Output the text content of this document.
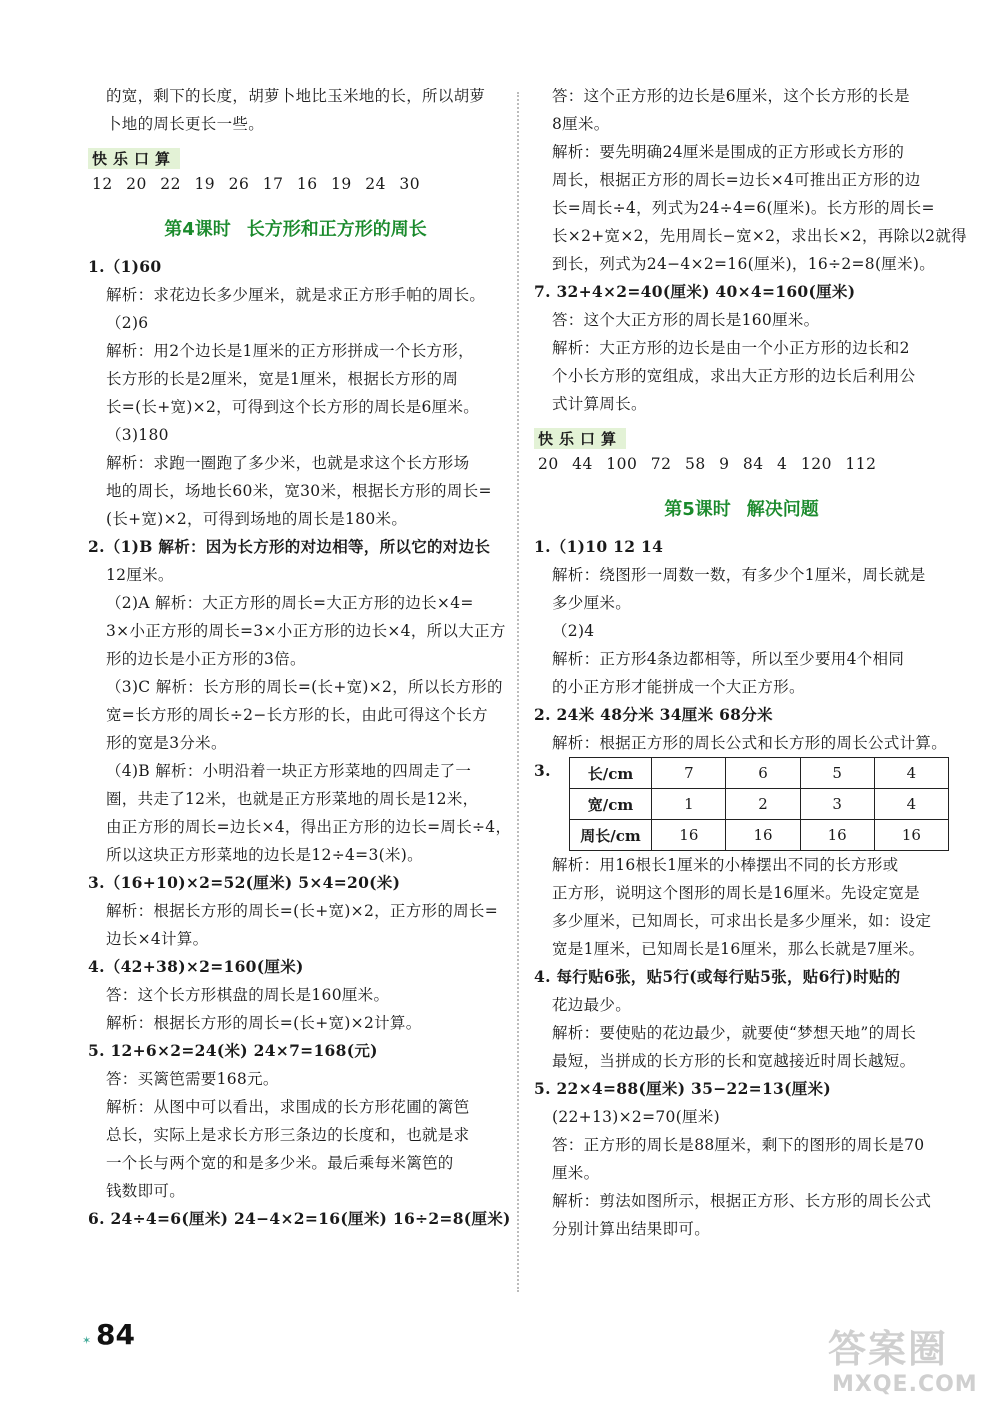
的宽，剩下的长度，胡萝卜地比玉米地的长，所以胡萝
卜地的周长更长一些。
快乐口算
12 20 22 19 26 17 16 19 24 30
第4课时 长方形和正方形的周长
1.（1)60
解析：求花边长多少厘米，就是求正方形手帕的周长。
（2)6
解析：用2个边长是1厘米的正方形拼成一个长方形，
长方形的长是2厘米，宽是1厘米，根据长方形的周
长=(长+宽)×2，可得到这个长方形的周长是6厘米。
（3)180
解析：求跑一圈跑了多少米，也就是求这个长方形场
地的周长，场地长60米，宽30米，根据长方形的周长=
(长+宽)×2，可得到场地的周长是180米。
2.（1)B 解析：因为长方形的对边相等，所以它的对边长
12厘米。
（2)A 解析：大正方形的周长=大正方形的边长×4=
3×小正方形的周长=3×小正方形的边长×4，所以大正方
形的边长是小正方形的3倍。
（3)C 解析：长方形的周长=(长+宽)×2，所以长方形的
宽=长方形的周长÷2−长方形的长，由此可得这个长方
形的宽是3分米。
（4)B 解析：小明沿着一块正方形菜地的四周走了一
圈，共走了12米，也就是正方形菜地的周长是12米，
由正方形的周长=边长×4，得出正方形的边长=周长÷4，
所以这块正方形菜地的边长是12÷4=3(米)。
3.（16+10)×2=52(厘米) 5×4=20(米)
解析：根据长方形的周长=(长+宽)×2，正方形的周长=
边长×4计算。
4.（42+38)×2=160(厘米)
答：这个长方形棋盘的周长是160厘米。
解析：根据长方形的周长=(长+宽)×2计算。
5. 12+6×2=24(米) 24×7=168(元)
答：买篱笆需要168元。
解析：从图中可以看出，求围成的长方形花圃的篱笆
总长，实际上是求长方形三条边的长度和，也就是求
一个长与两个宽的和是多少米。最后乘每米篱笆的
钱数即可。
6. 24÷4=6(厘米) 24−4×2=16(厘米) 16÷2=8(厘米)
答：这个正方形的边长是6厘米，这个长方形的长是
8厘米。
解析：要先明确24厘米是围成的正方形或长方形的
周长，根据正方形的周长=边长×4可推出正方形的边
长=周长÷4，列式为24÷4=6(厘米)。长方形的周长=
长×2+宽×2，先用周长−宽×2，求出长×2，再除以2就得
到长，列式为24−4×2=16(厘米)，16÷2=8(厘米)。
7. 32+4×2=40(厘米) 40×4=160(厘米)
答：这个大正方形的周长是160厘米。
解析：大正方形的边长是由一个小正方形的边长和2
个小长方形的宽组成，求出大正方形的边长后利用公
式计算周长。
快乐口算
20 44 100 72 58 9 84 4 120 112
第5课时 解决问题
1.（1)10 12 14
解析：绕图形一周数一数，有多少个1厘米，周长就是
多少厘米。
（2)4
解析：正方形4条边都相等，所以至少要用4个相同
的小正方形才能拼成一个大正方形。
2. 24米 48分米 34厘米 68分米
解析：根据正方形的周长公式和长方形的周长公式计算。
3. 长/cm	7	6	5	4
宽/cm	1	2	3	4
周长/cm	16	16	16	16
解析：用16根长1厘米的小棒摆出不同的长方形或
正方形，说明这个图形的周长是16厘米。先设定宽是
多少厘米，已知周长，可求出长是多少厘米，如：设定
宽是1厘米，已知周长是16厘米，那么长就是7厘米。
4. 每行贴6张，贴5行(或每行贴5张，贴6行)时贴的
花边最少。
解析：要使贴的花边最少，就要使“梦想天地”的周长
最短，当拼成的长方形的长和宽越接近时周长越短。
5. 22×4=88(厘米) 35−22=13(厘米)
(22+13)×2=70(厘米)
答：正方形的周长是88厘米，剩下的图形的周长是70
厘米。
解析：剪法如图所示，根据正方形、长方形的周长公式
分别计算出结果即可。
✶ 84	答案圈
MXQE.COM
